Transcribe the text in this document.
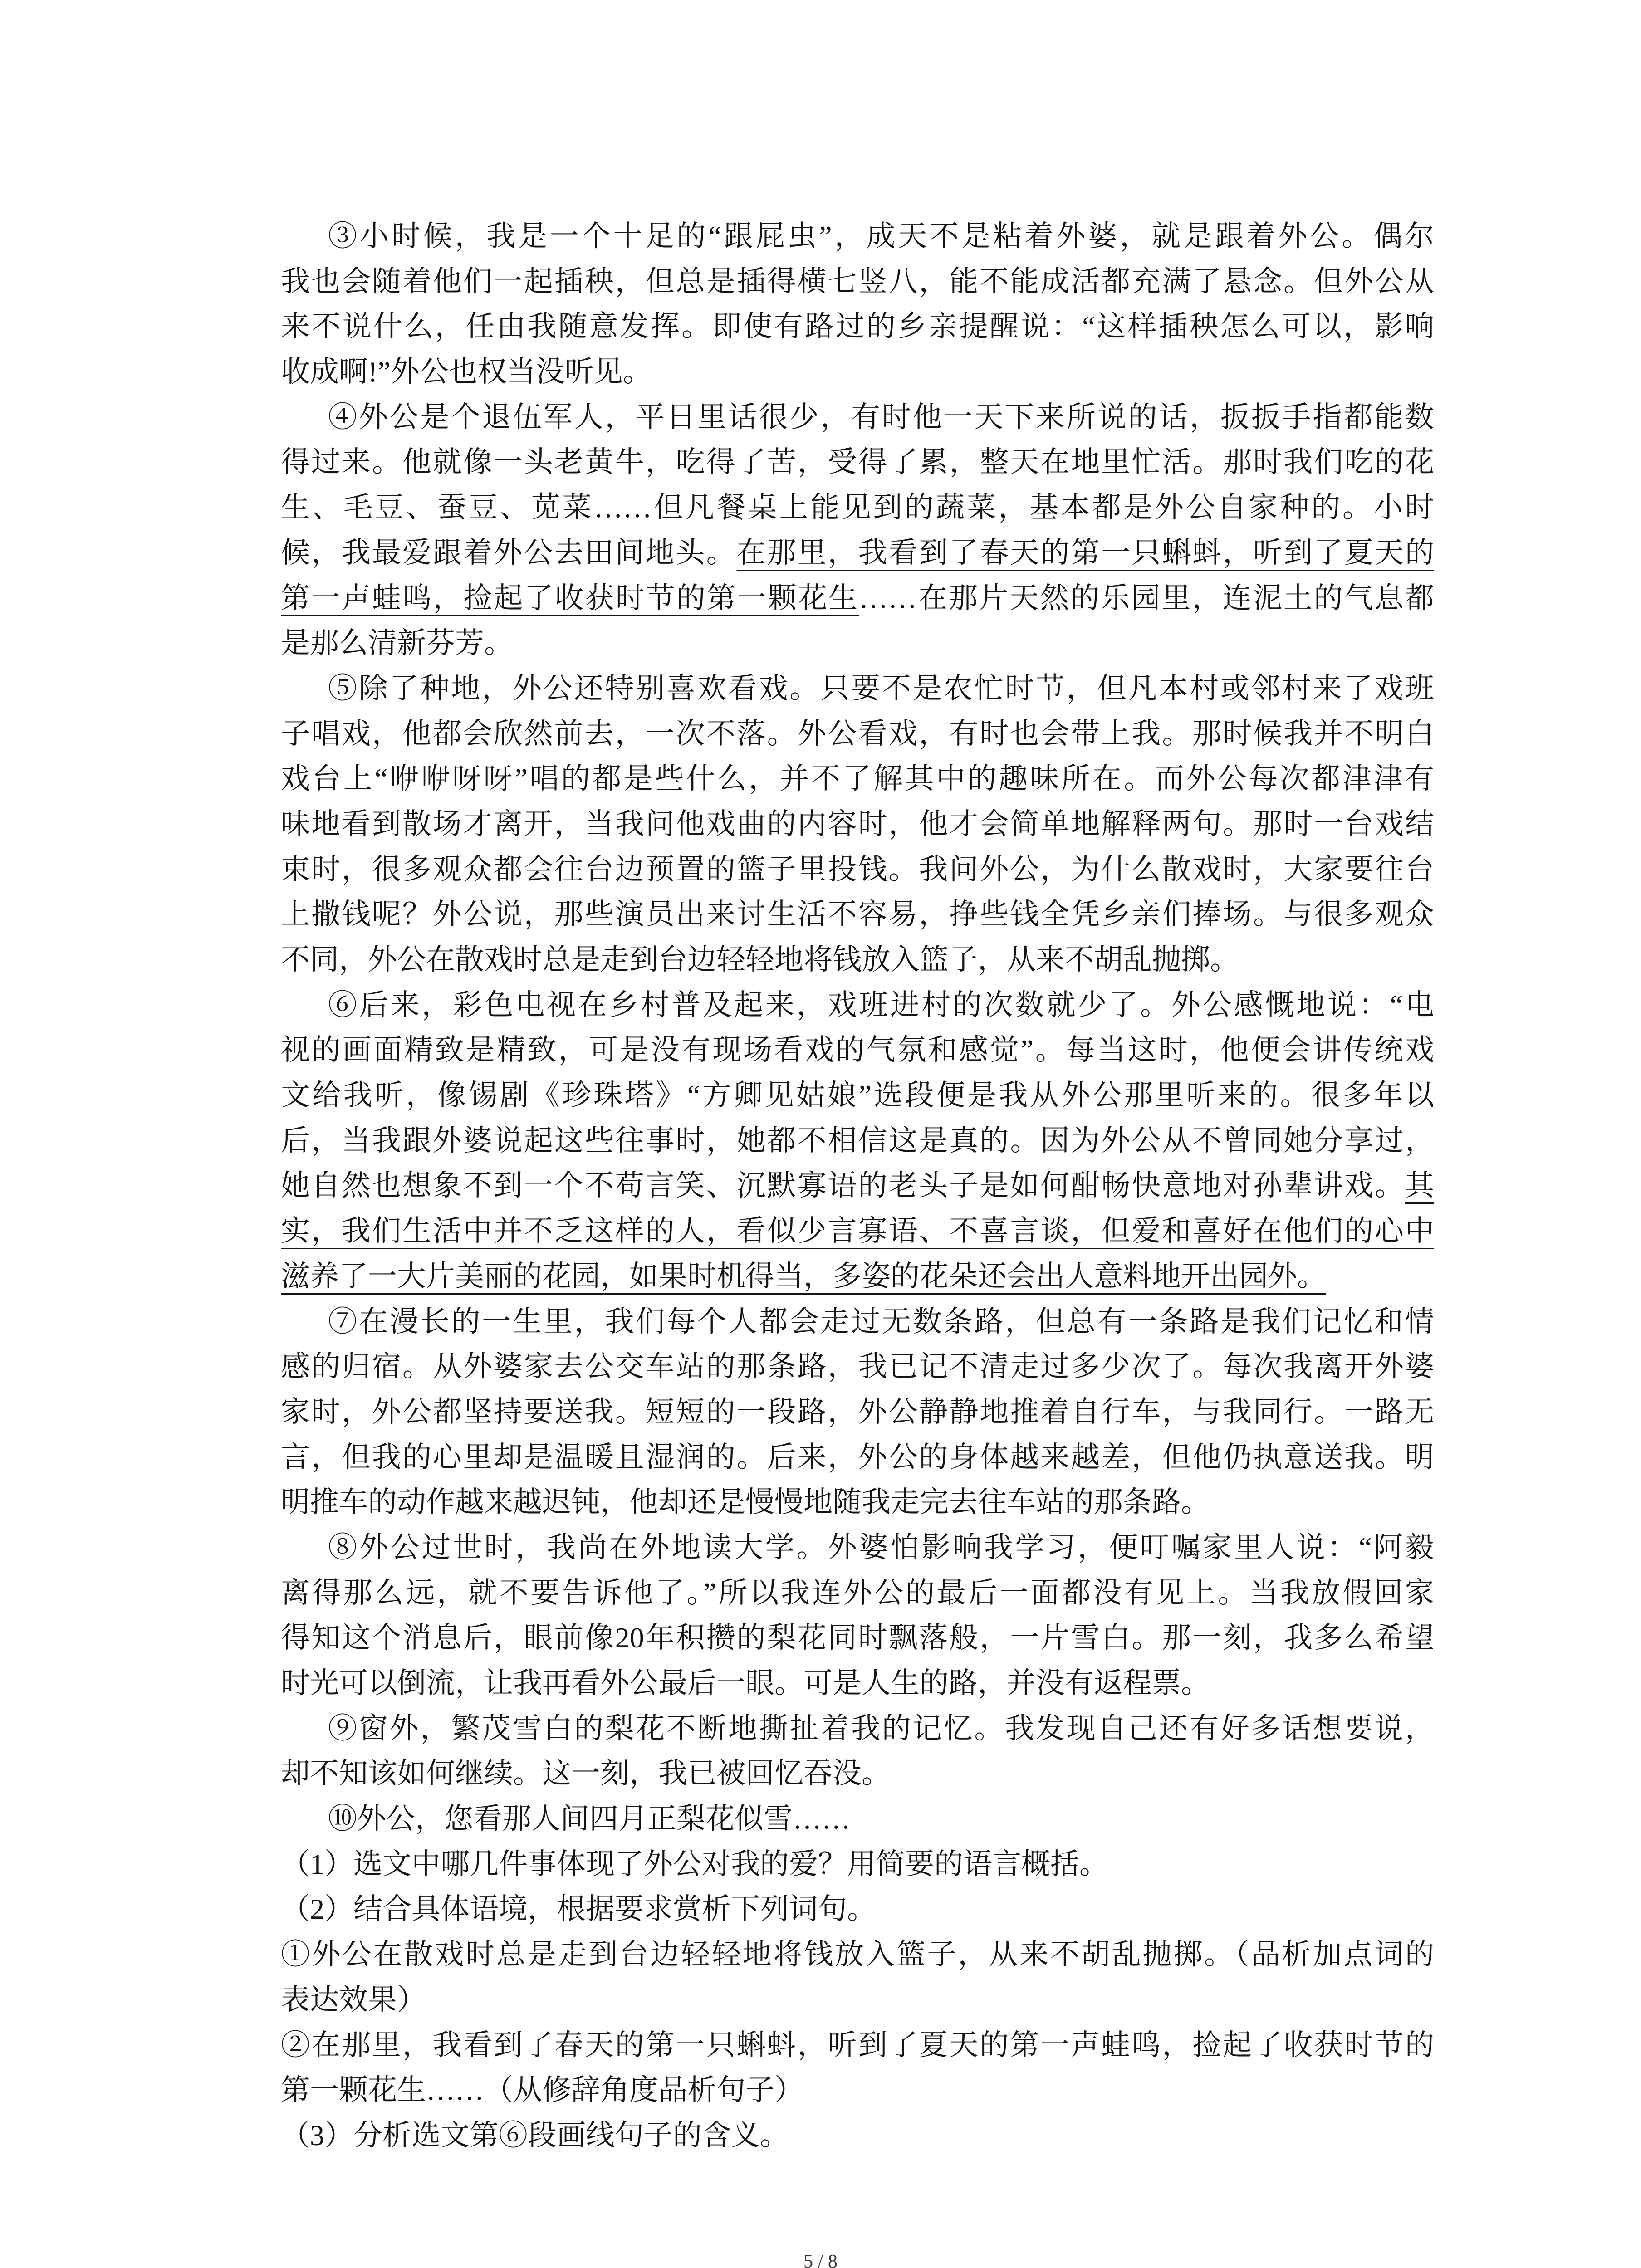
③小时候，我是一个十足的“跟屁虫”，成天不是粘着外婆，就是跟着外公。偶尔
我也会随着他们一起插秧，但总是插得横七竖八，能不能成活都充满了悬念。但外公从
来不说什么，任由我随意发挥。即使有路过的乡亲提醒说：“这样插秧怎么可以，影响
收成啊!”外公也权当没听见。
④外公是个退伍军人，平日里话很少，有时他一天下来所说的话，扳扳手指都能数
得过来。他就像一头老黄牛，吃得了苦，受得了累，整天在地里忙活。那时我们吃的花
生、毛豆、蚕豆、苋菜……但凡餐桌上能见到的蔬菜，基本都是外公自家种的。小时
候，我最爱跟着外公去田间地头。在那里，我看到了春天的第一只蝌蚪，听到了夏天的
第一声蛙鸣，捡起了收获时节的第一颗花生……在那片天然的乐园里，连泥土的气息都
是那么清新芬芳。
⑤除了种地，外公还特别喜欢看戏。只要不是农忙时节，但凡本村或邻村来了戏班
子唱戏，他都会欣然前去，一次不落。外公看戏，有时也会带上我。那时候我并不明白
戏台上“咿咿呀呀”唱的都是些什么，并不了解其中的趣味所在。而外公每次都津津有
味地看到散场才离开，当我问他戏曲的内容时，他才会简单地解释两句。那时一台戏结
束时，很多观众都会往台边预置的篮子里投钱。我问外公，为什么散戏时，大家要往台
上撒钱呢？外公说，那些演员出来讨生活不容易，挣些钱全凭乡亲们捧场。与很多观众
不同，外公在散戏时总是走到台边轻轻地将钱放入篮子，从来不胡乱抛掷。
⑥后来，彩色电视在乡村普及起来，戏班进村的次数就少了。外公感慨地说：“电
视的画面精致是精致，可是没有现场看戏的气氛和感觉”。每当这时，他便会讲传统戏
文给我听，像锡剧《珍珠塔》“方卿见姑娘”选段便是我从外公那里听来的。很多年以
后，当我跟外婆说起这些往事时，她都不相信这是真的。因为外公从不曾同她分享过，
她自然也想象不到一个不苟言笑、沉默寡语的老头子是如何酣畅快意地对孙辈讲戏。其
实，我们生活中并不乏这样的人，看似少言寡语、不喜言谈，但爱和喜好在他们的心中
滋养了一大片美丽的花园，如果时机得当，多姿的花朵还会出人意料地开出园外。
⑦在漫长的一生里，我们每个人都会走过无数条路，但总有一条路是我们记忆和情
感的归宿。从外婆家去公交车站的那条路，我已记不清走过多少次了。每次我离开外婆
家时，外公都坚持要送我。短短的一段路，外公静静地推着自行车，与我同行。一路无
言，但我的心里却是温暖且湿润的。后来，外公的身体越来越差，但他仍执意送我。明
明推车的动作越来越迟钝，他却还是慢慢地随我走完去往车站的那条路。
⑧外公过世时，我尚在外地读大学。外婆怕影响我学习，便叮嘱家里人说：“阿毅
离得那么远，就不要告诉他了。”所以我连外公的最后一面都没有见上。当我放假回家
得知这个消息后，眼前像20年积攒的梨花同时飘落般，一片雪白。那一刻，我多么希望
时光可以倒流，让我再看外公最后一眼。可是人生的路，并没有返程票。
⑨窗外，繁茂雪白的梨花不断地撕扯着我的记忆。我发现自己还有好多话想要说，
却不知该如何继续。这一刻，我已被回忆吞没。
⑩外公，您看那人间四月正梨花似雪……
（1）选文中哪几件事体现了外公对我的爱？用简要的语言概括。
（2）结合具体语境，根据要求赏析下列词句。
①外公在散戏时总是走到台边轻轻地将钱放入篮子，从来不胡乱抛掷。（品析加点词的
表达效果）
②在那里，我看到了春天的第一只蝌蚪，听到了夏天的第一声蛙鸣，捡起了收获时节的
第一颗花生……（从修辞角度品析句子）
（3）分析选文第⑥段画线句子的含义。
5 / 8
